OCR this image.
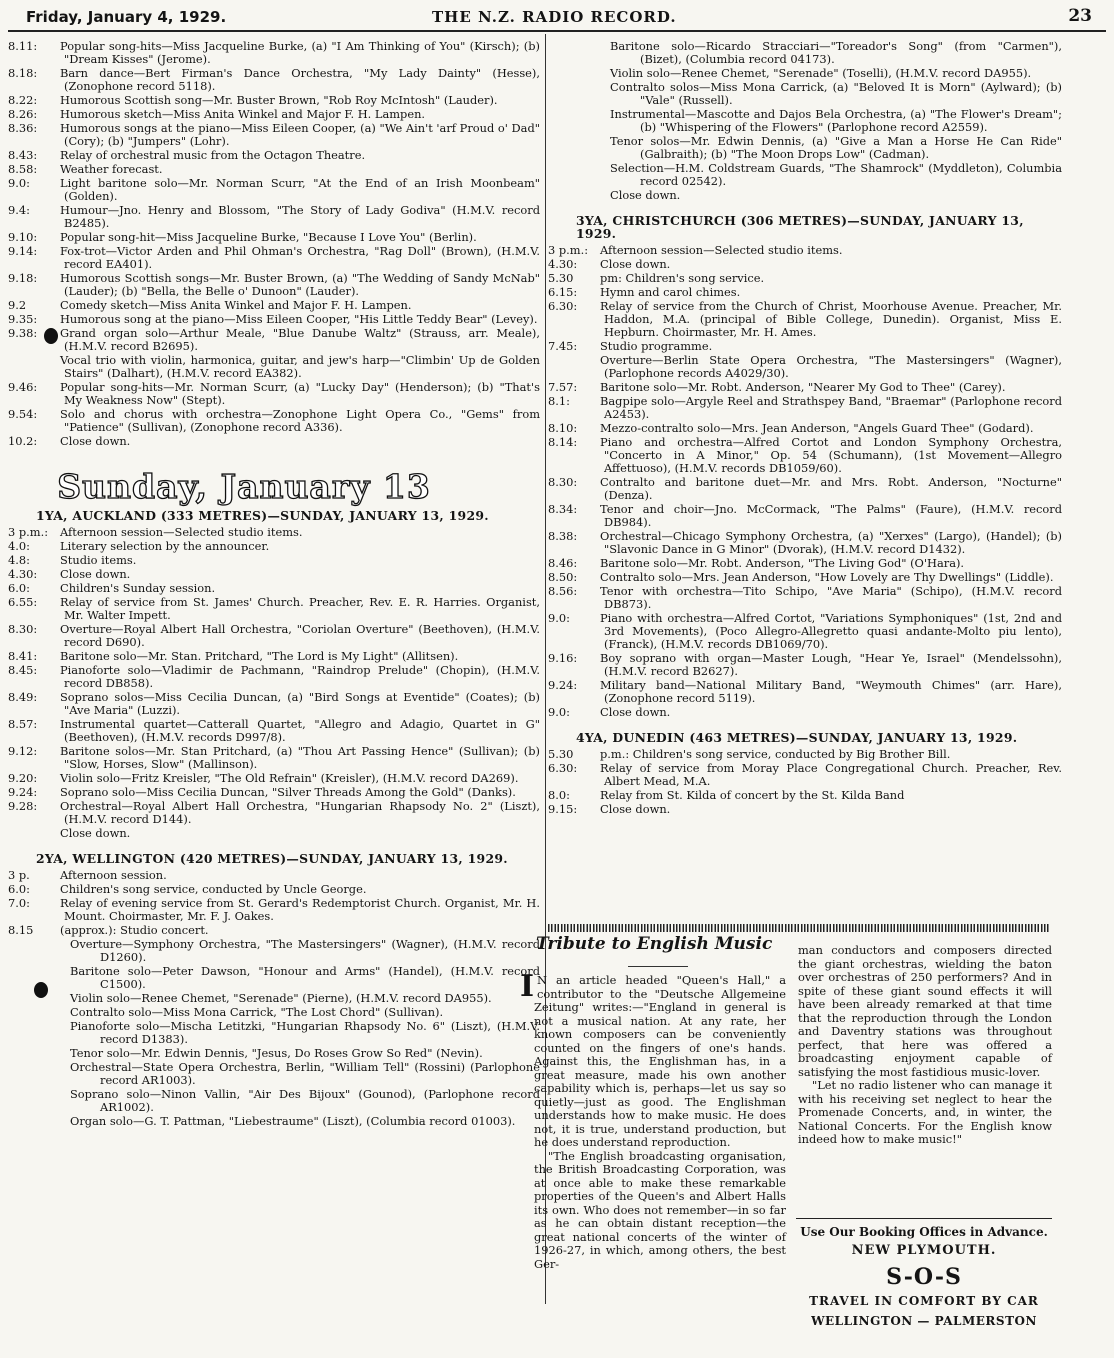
Friday, January 4, 1929.	THE N.Z. RADIO RECORD.	23

8.11: Popular song-hits—Miss Jacqueline Burke, (a) "I Am Thinking of You" (Kirsch); (b) "Dream Kisses" (Jerome).

8.18: Barn dance—Bert Firman's Dance Orchestra, "My Lady Dainty" (Hesse), (Zonophone record 5118).

8.22: Humorous Scottish song—Mr. Buster Brown, "Rob Roy McIntosh" (Lauder).

8.26: Humorous sketch—Miss Anita Winkel and Major F. H. Lampen.

8.36: Humorous songs at the piano—Miss Eileen Cooper, (a) "We Ain't 'arf Proud o' Dad" (Cory); (b) "Jumpers" (Lohr).

8.43: Relay of orchestral music from the Octagon Theatre.

8.58: Weather forecast.

9.0:	Light baritone solo—Mr. Norman Scurr, "At the End of an Irish Moonbeam" (Golden).

9.4:	Humour—Jno. Henry and Blossom, "The Story of Lady Godiva" (H.M.V. record B2485).

9.10: Popular song-hit—Miss Jacqueline Burke, "Because I Love You" (Berlin).

9.14: Fox-trot—Victor Arden and Phil Ohman's Orchestra, "Rag Doll" (Brown), (H.M.V. record EA401).

9.18: Humorous Scottish songs—Mr. Buster Brown, (a) "The Wedding of Sandy McNab" (Lauder); (b) "Bella, the Belle o' Dunoon" (Lauder).

9.2	Comedy sketch—Miss Anita Winkel and Major F. H. Lampen.

9.35: Humorous song at the piano—Miss Eileen Cooper, "His Little Teddy Bear" (Levey).

9.38: Grand organ solo—Arthur Meale, "Blue Danube Waltz" (Strauss, arr. Meale), (H.M.V. record B2695).

Vocal trio with violin, harmonica, guitar, and jew's harp—"Climbin' Up de Golden Stairs" (Dalhart), (H.M.V. record EA382).

9.46: Popular song-hits—Mr. Norman Scurr, (a) "Lucky Day" (Henderson); (b) "That's My Weakness Now" (Stept).

9.54: Solo and chorus with orchestra—Zonophone Light Opera Co., "Gems" from "Patience" (Sullivan), (Zonophone record A336).

10.2: Close down.

Sunday, January 13
1YA, AUCKLAND (333 METRES)—SUNDAY, JANUARY 13, 1929.

3 p.m.: Afternoon session—Selected studio items.

4.0:	Literary selection by the announcer.

4.8:	Studio items.

4.30: Close down.

6.0:	Children's Sunday session.

6.55: Relay of service from St. James' Church. Preacher, Rev. E. R. Harries. Organist, Mr. Walter Impett.

8.30: Overture—Royal Albert Hall Orchestra, "Coriolan Overture" (Beethoven), (H.M.V. record D690).

8.41: Baritone solo—Mr. Stan. Pritchard, "The Lord is My Light" (Allitsen).

8.45: Pianoforte solo—Vladimir de Pachmann, "Raindrop Prelude" (Chopin), (H.M.V. record DB858).

8.49: Soprano solos—Miss Cecilia Duncan, (a) "Bird Songs at Eventide" (Coates); (b) "Ave Maria" (Luzzi).

8.57: Instrumental quartet—Catterall Quartet, "Allegro and Adagio, Quartet in G" (Beethoven), (H.M.V. records D997/8).

9.12: Baritone solos—Mr. Stan Pritchard, (a) "Thou Art Passing Hence" (Sullivan); (b) "Slow, Horses, Slow" (Mallinson).

9.20: Violin solo—Fritz Kreisler, "The Old Refrain" (Kreisler), (H.M.V. record DA269).

9.24: Soprano solo—Miss Cecilia Duncan, "Silver Threads Among the Gold" (Danks).

9.28: Orchestral—Royal Albert Hall Orchestra, "Hungarian Rhapsody No. 2" (Liszt), (H.M.V. record D144).

Close down.

2YA, WELLINGTON (420 METRES)—SUNDAY, JANUARY 13, 1929.

3 p.	Afternoon session.

6.0:	Children's song service, conducted by Uncle George.

7.0:	Relay of evening service from St. Gerard's Redemptorist Church. Organist, Mr. H. Mount. Choirmaster, Mr. F. J. Oakes.

8.15 (approx.): Studio concert.

Overture—Symphony Orchestra, "The Mastersingers" (Wagner), (H.M.V. record D1260).

Baritone solo—Peter Dawson, "Honour and Arms" (Handel), (H.M.V. record C1500).

Violin solo—Renee Chemet, "Serenade" (Pierne), (H.M.V. record DA955).

Contralto solo—Miss Mona Carrick, "The Lost Chord" (Sullivan).

Pianoforte solo—Mischa Letitzki, "Hungarian Rhapsody No. 6" (Liszt), (H.M.V. record D1383).

Tenor solo—Mr. Edwin Dennis, "Jesus, Do Roses Grow So Red" (Nevin).

Orchestral—State Opera Orchestra, Berlin, "William Tell" (Rossini) (Parlophone record AR1003).

Soprano solo—Ninon Vallin, "Air Des Bijoux" (Gounod), (Parlophone record AR1002).

Organ solo—G. T. Pattman, "Liebestraume" (Liszt), (Columbia record 01003).

Baritone solo—Ricardo Stracciari—"Toreador's Song" (from "Carmen"), (Bizet), (Columbia record 04173).

Violin solo—Renee Chemet, "Serenade" (Toselli), (H.M.V. record DA955).

Contralto solos—Miss Mona Carrick, (a) "Beloved It is Morn" (Aylward); (b) "Vale" (Russell).

Instrumental—Mascotte and Dajos Bela Orchestra, (a) "The Flower's Dream"; (b) "Whispering of the Flowers" (Parlophone record A2559).

Tenor solos—Mr. Edwin Dennis, (a) "Give a Man a Horse He Can Ride" (Galbraith); (b) "The Moon Drops Low" (Cadman).

Selection—H.M. Coldstream Guards, "The Shamrock" (Myddleton), Columbia record 02542).

Close down.

3YA, CHRISTCHURCH (306 METRES)—SUNDAY, JANUARY 13, 1929.

3 p.m.: Afternoon session—Selected studio items.

4.30: Close down.

5.30 pm: Children's song service.

6.15: Hymn and carol chimes.

6.30: Relay of service from the Church of Christ, Moorhouse Avenue. Preacher, Mr. Haddon, M.A. (principal of Bible College, Dunedin). Organist, Miss E. Hepburn. Choirmaster, Mr. H. Ames.

7.45: Studio programme.

Overture—Berlin State Opera Orchestra, "The Mastersingers" (Wagner), (Parlophone records A4029/30).

7.57: Baritone solo—Mr. Robt. Anderson, "Nearer My God to Thee" (Carey).

8.1:	Bagpipe solo—Argyle Reel and Strathspey Band, "Braemar" (Parlophone record A2453).

8.10: Mezzo-contralto solo—Mrs. Jean Anderson, "Angels Guard Thee" (Godard).

8.14: Piano and orchestra—Alfred Cortot and London Symphony Orchestra, "Concerto in A Minor," Op. 54 (Schumann), (1st Movement—Allegro Affettuoso), (H.M.V. records DB1059/60).

8.30: Contralto and baritone duet—Mr. and Mrs. Robt. Anderson, "Nocturne" (Denza).

8.34: Tenor and choir—Jno. McCormack, "The Palms" (Faure), (H.M.V. record DB984).

8.38: Orchestral—Chicago Symphony Orchestra, (a) "Xerxes" (Largo), (Handel); (b) "Slavonic Dance in G Minor" (Dvorak), (H.M.V. record D1432).

8.46: Baritone solo—Mr. Robt. Anderson, "The Living God" (O'Hara).

8.50: Contralto solo—Mrs. Jean Anderson, "How Lovely are Thy Dwellings" (Liddle).

8.56: Tenor with orchestra—Tito Schipo, "Ave Maria" (Schipo), (H.M.V. record DB873).

9.0:	Piano with orchestra—Alfred Cortot, "Variations Symphoniques" (1st, 2nd and 3rd Movements), (Poco Allegro-Allegretto quasi andante-Molto piu lento), (Franck), (H.M.V. records DB1069/70).

9.16: Boy soprano with organ—Master Lough, "Hear Ye, Israel" (Mendelssohn), (H.M.V. record B2627).

9.24: Military band—National Military Band, "Weymouth Chimes" (arr. Hare), (Zonophone record 5119).

9.0:	Close down.

4YA, DUNEDIN (463 METRES)—SUNDAY, JANUARY 13, 1929.

5.30 p.m.: Children's song service, conducted by Big Brother Bill.

6.30: Relay of service from Moray Place Congregational Church. Preacher, Rev. Albert Mead, M.A.

8.0:	Relay from St. Kilda of concert by the St. Kilda Band

9.15: Close down.

Tribute to English Music

I N an article headed "Queen's Hall," a contributor to the "Deutsche Allgemeine Zeitung" writes:—"England in general is not a musical nation. At any rate, her known composers can be conveniently counted on the fingers of one's hands. Against this, the Englishman has, in a great measure, made his own another capability which is, perhaps—let us say so quietly—just as good. The Englishman understands how to make music. He does not, it is true, understand production, but he does understand reproduction.

"The English broadcasting organisation, the British Broadcasting Corporation, was at once able to make these remarkable properties of the Queen's and Albert Halls its own. Who does not remember—in so far as he can obtain distant reception—the great national concerts of the winter of 1926-27, in which, among others, the best Ger-

man conductors and composers directed the giant orchestras, wielding the baton over orchestras of 250 performers? And in spite of these giant sound effects it will have been already remarked at that time that the reproduction through the London and Daventry stations was throughout perfect, that here was offered a broadcasting enjoyment capable of satisfying the most fastidious music-lover.

"Let no radio listener who can manage it with his receiving set neglect to hear the Promenade Concerts, and, in winter, the National Concerts. For the English know indeed how to make music!"

Use Our Booking Offices in Advance.
NEW PLYMOUTH.
S-O-S
TRAVEL IN COMFORT BY CAR
WELLINGTON — PALMERSTON
